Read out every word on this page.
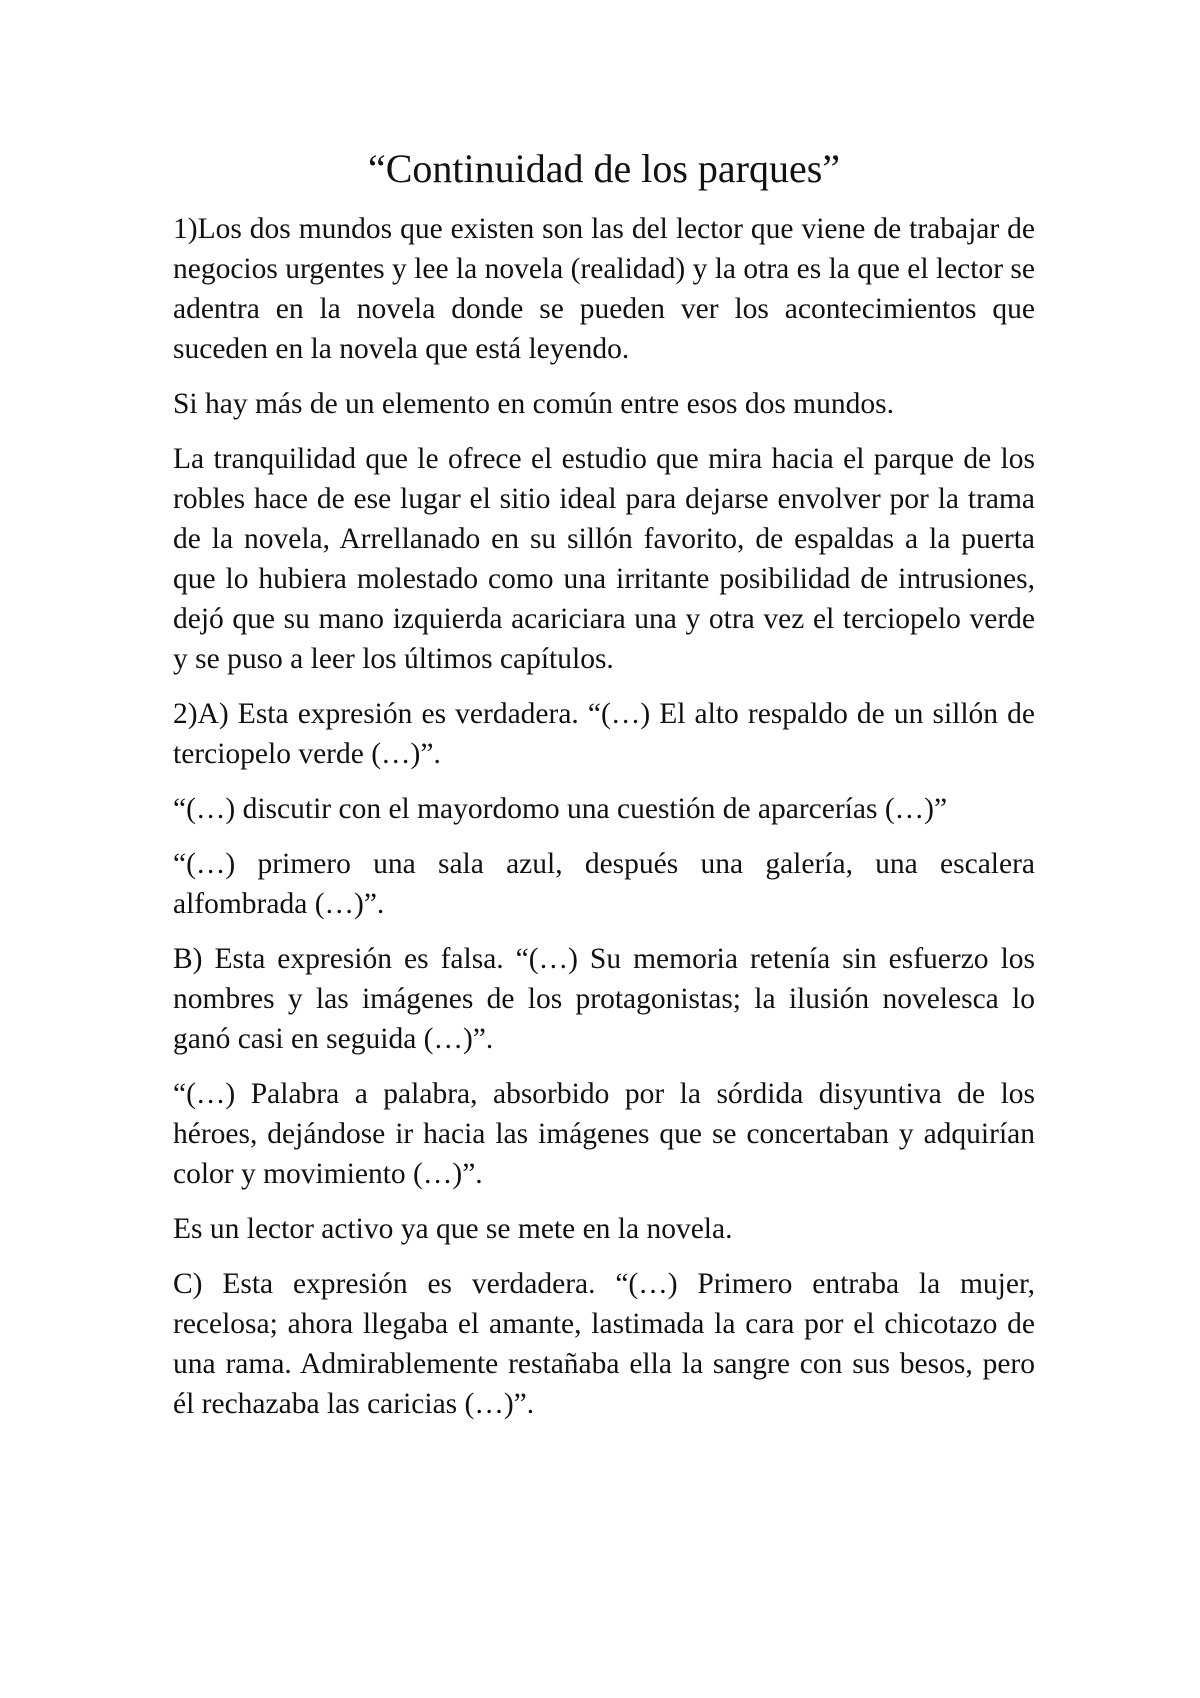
“Continuidad de los parques”

1)Los dos mundos que existen son las del lector que viene de trabajar de negocios urgentes y lee la novela (realidad) y la otra es la que el lector se adentra en la novela donde se pueden ver los acontecimientos que suceden en la novela que está leyendo.

Si hay más de un elemento en común entre esos dos mundos.

La tranquilidad que le ofrece el estudio que mira hacia el parque de los robles hace de ese lugar el sitio ideal para dejarse envolver por la trama de la novela, Arrellanado en su sillón favorito, de espaldas a la puerta que lo hubiera molestado como una irritante posibilidad de intrusiones, dejó que su mano izquierda acariciara una y otra vez el terciopelo verde y se puso a leer los últimos capítulos.

2)A) Esta expresión es verdadera. “(…) El alto respaldo de un sillón de terciopelo verde (…)”.

“(…) discutir con el mayordomo una cuestión de aparcerías (…)”

“(…) primero una sala azul, después una galería, una escalera alfombrada (…)”.

B) Esta expresión es falsa. “(…) Su memoria retenía sin esfuerzo los nombres y las imágenes de los protagonistas; la ilusión novelesca lo ganó casi en seguida (…)”.

“(…) Palabra a palabra, absorbido por la sórdida disyuntiva de los héroes, dejándose ir hacia las imágenes que se concertaban y adquirían color y movimiento (…)”.

Es un lector activo ya que se mete en la novela.

C) Esta expresión es verdadera. “(…) Primero entraba la mujer, recelosa; ahora llegaba el amante, lastimada la cara por el chicotazo de una rama. Admirablemente restañaba ella la sangre con sus besos, pero él rechazaba las caricias (…)”.
